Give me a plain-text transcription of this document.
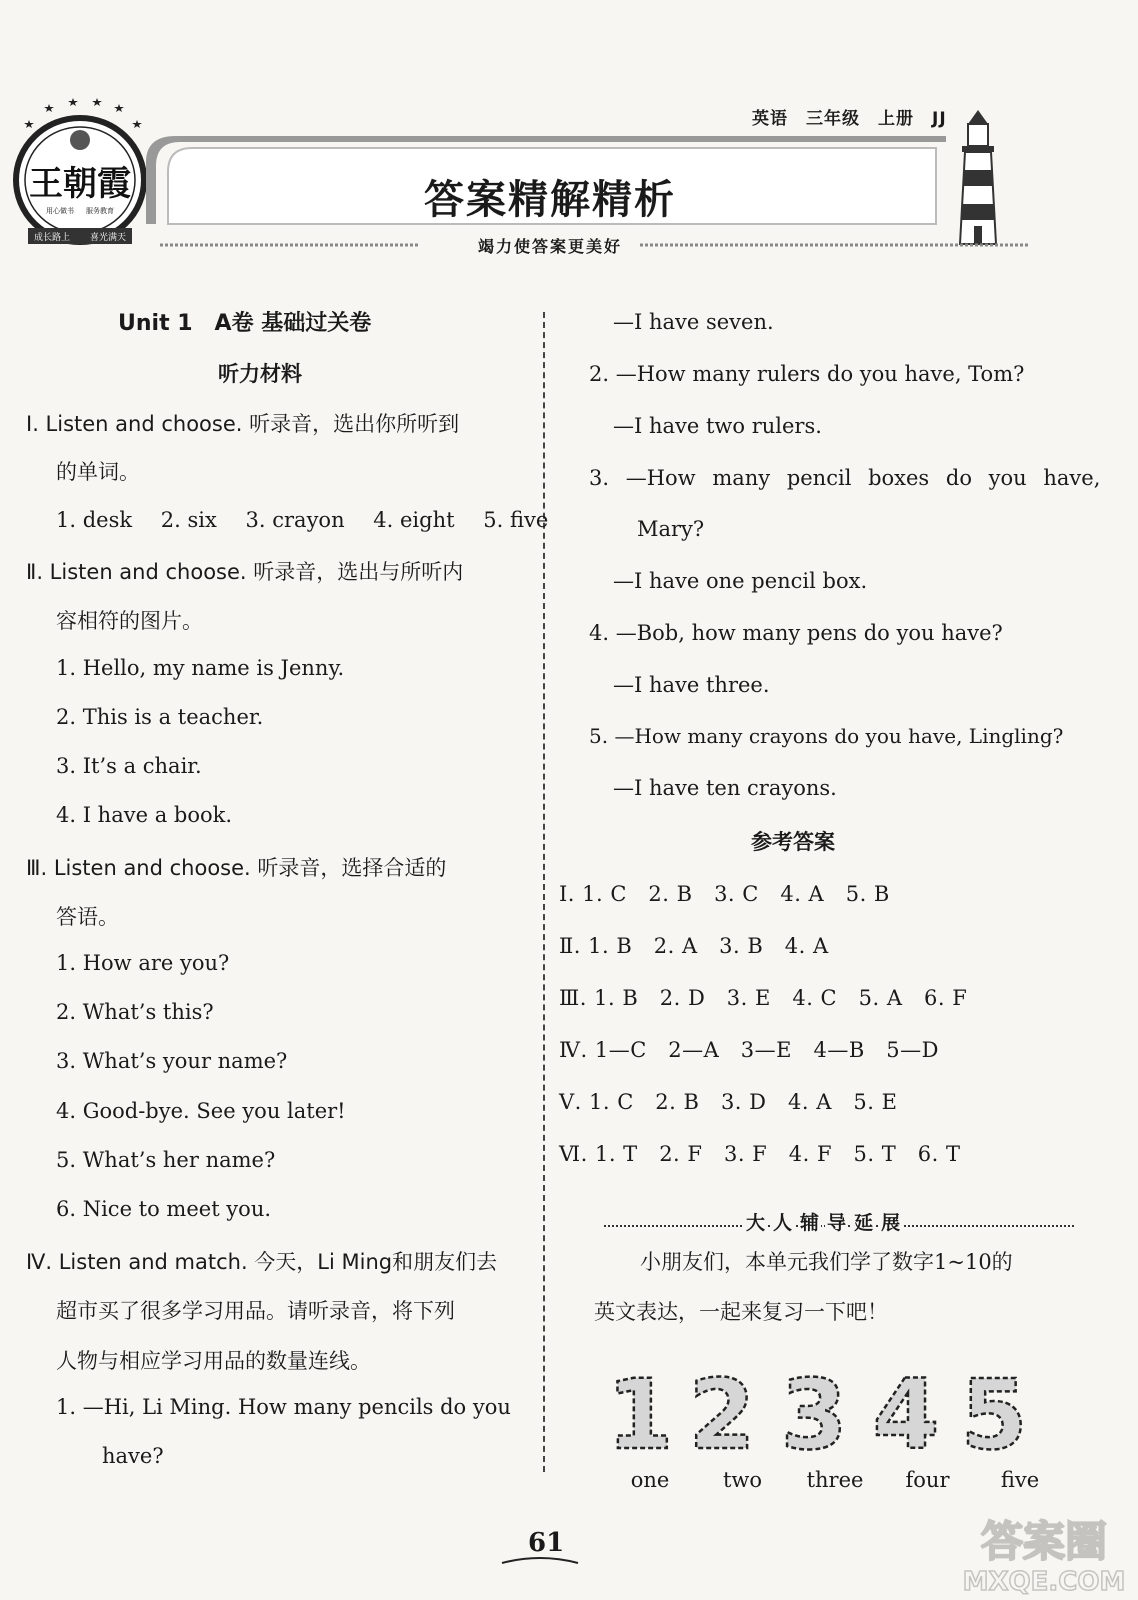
王朝霞
用心做书 服务教育
成长路上 喜光满天
英语 三年级 上册 JJ
答案精解精析
竭力使答案更美好
Unit 1　A卷 基础过关卷
听力材料
Ⅰ. Listen and choose. 听录音，选出你所听到
的单词。
1. desk 2. six 3. crayon 4. eight 5. five
Ⅱ. Listen and choose. 听录音，选出与所听内
容相符的图片。
1. Hello, my name is Jenny.
2. This is a teacher.
3. It’s a chair.
4. I have a book.
Ⅲ. Listen and choose. 听录音，选择合适的
答语。
1. How are you?
2. What’s this?
3. What’s your name?
4. Good-bye. See you later!
5. What’s her name?
6. Nice to meet you.
Ⅳ. Listen and match. 今天，Li Ming和朋友们去
超市买了很多学习用品。请听录音，将下列
人物与相应学习用品的数量连线。
1. —Hi, Li Ming. How many pencils do you
have?
—I have seven.
2. —How many rulers do you have, Tom?
—I have two rulers.
3. —How many pencil boxes do you have,
Mary?
—I have one pencil box.
4. —Bob, how many pens do you have?
—I have three.
5. —How many crayons do you have, Lingling?
—I have ten crayons.
参考答案
Ⅰ. 1. C　2. B　3. C　4. A　5. B
Ⅱ. 1. B　2. A　3. B　4. A
Ⅲ. 1. B　2. D　3. E　4. C　5. A　6. F
Ⅳ. 1—C　2—A　3—E　4—B　5—D
Ⅴ. 1. C　2. B　3. D　4. A　5. E
Ⅵ. 1. T　2. F　3. F　4. F　5. T　6. T
大 人 辅 导 延 展
小朋友们，本单元我们学了数字1~10的
英文表达，一起来复习一下吧！
1 2 3 4 5
one	two	three	four	five
61	答案圈
MXQE.COM
